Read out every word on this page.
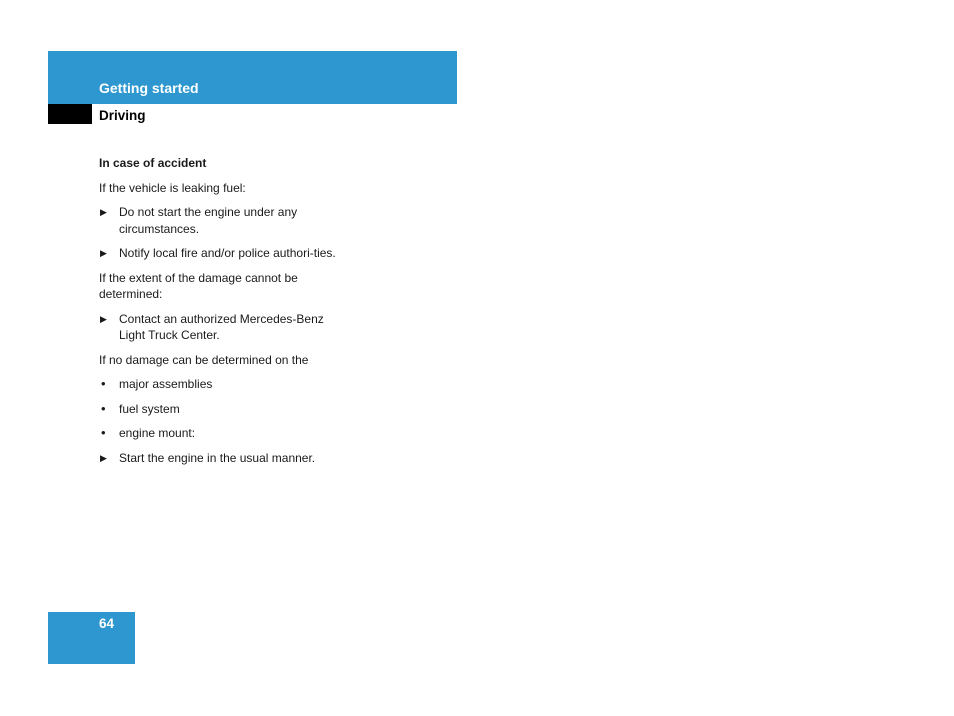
Getting started
Driving
In case of accident
If the vehicle is leaking fuel:
▶	Do not start the engine under any circumstances.
▶	Notify local fire and/or police authori-ties.
If the extent of the damage cannot be determined:
▶	Contact an authorized Mercedes-Benz Light Truck Center.
If no damage can be determined on the
•	major assemblies
•	fuel system
•	engine mount:
▶	Start the engine in the usual manner.
64
